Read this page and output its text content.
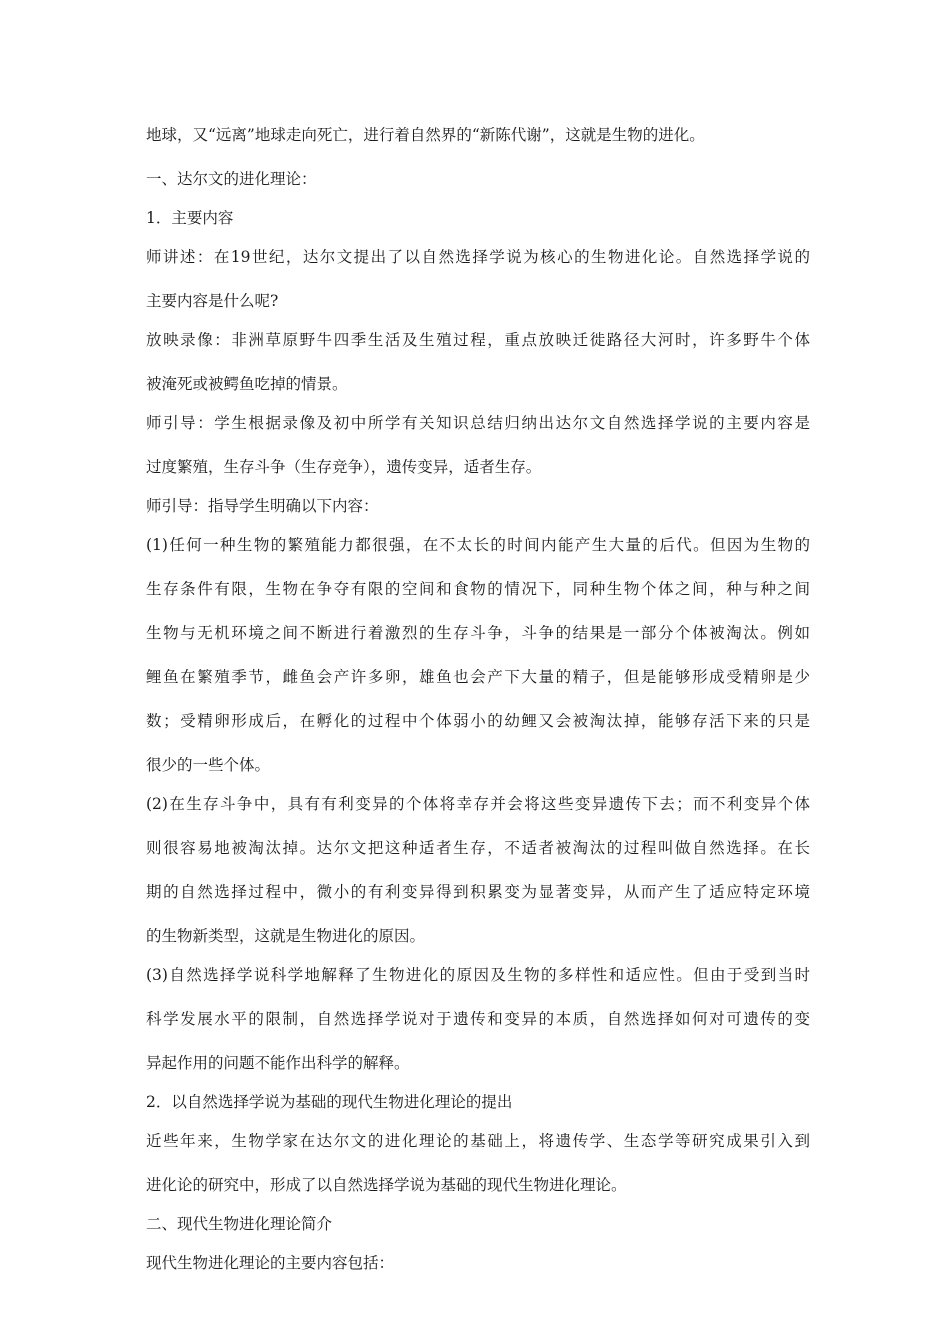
地球，又“远离”地球走向死亡，进行着自然界的“新陈代谢”，这就是生物的进化。
一、达尔文的进化理论：
1．主要内容
师讲述：在19世纪，达尔文提出了以自然选择学说为核心的生物进化论。自然选择学说的
主要内容是什么呢?
放映录像：非洲草原野牛四季生活及生殖过程，重点放映迁徙路径大河时，许多野牛个体
被淹死或被鳄鱼吃掉的情景。
师引导：学生根据录像及初中所学有关知识总结归纳出达尔文自然选择学说的主要内容是
过度繁殖，生存斗争（生存竞争），遗传变异，适者生存。
师引导：指导学生明确以下内容：
(1)任何一种生物的繁殖能力都很强，在不太长的时间内能产生大量的后代。但因为生物的
生存条件有限，生物在争夺有限的空间和食物的情况下，同种生物个体之间，种与种之间
生物与无机环境之间不断进行着激烈的生存斗争，斗争的结果是一部分个体被淘汰。例如
鲤鱼在繁殖季节，雌鱼会产许多卵，雄鱼也会产下大量的精子，但是能够形成受精卵是少
数；受精卵形成后，在孵化的过程中个体弱小的幼鲤又会被淘汰掉，能够存活下来的只是
很少的一些个体。
(2)在生存斗争中，具有有利变异的个体将幸存并会将这些变异遗传下去；而不利变异个体
则很容易地被淘汰掉。达尔文把这种适者生存，不适者被淘汰的过程叫做自然选择。在长
期的自然选择过程中，微小的有利变异得到积累变为显著变异，从而产生了适应特定环境
的生物新类型，这就是生物进化的原因。
(3)自然选择学说科学地解释了生物进化的原因及生物的多样性和适应性。但由于受到当时
科学发展水平的限制，自然选择学说对于遗传和变异的本质，自然选择如何对可遗传的变
异起作用的问题不能作出科学的解释。
2．以自然选择学说为基础的现代生物进化理论的提出
近些年来，生物学家在达尔文的进化理论的基础上，将遗传学、生态学等研究成果引入到
进化论的研究中，形成了以自然选择学说为基础的现代生物进化理论。
二、现代生物进化理论简介
现代生物进化理论的主要内容包括：
